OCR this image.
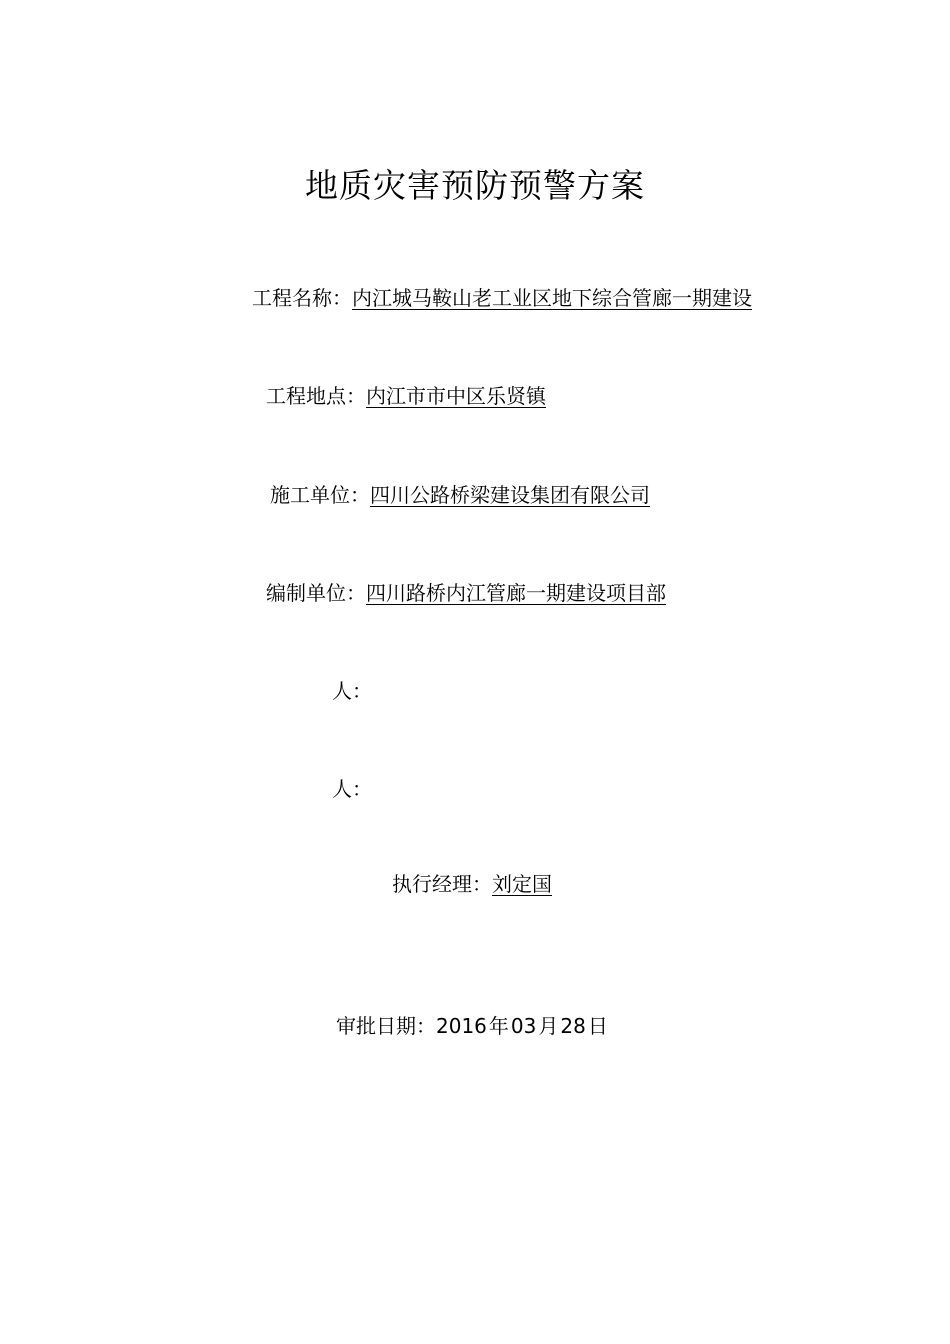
地质灾害预防预警方案
工程名称：内江城马鞍山老工业区地下综合管廊一期建设
工程地点：内江市市中区乐贤镇
施工单位：四川公路桥梁建设集团有限公司
编制单位：四川路桥内江管廊一期建设项目部
人：
人：
执行经理：刘定国
审批日期：2016 年 03 月 28 日
